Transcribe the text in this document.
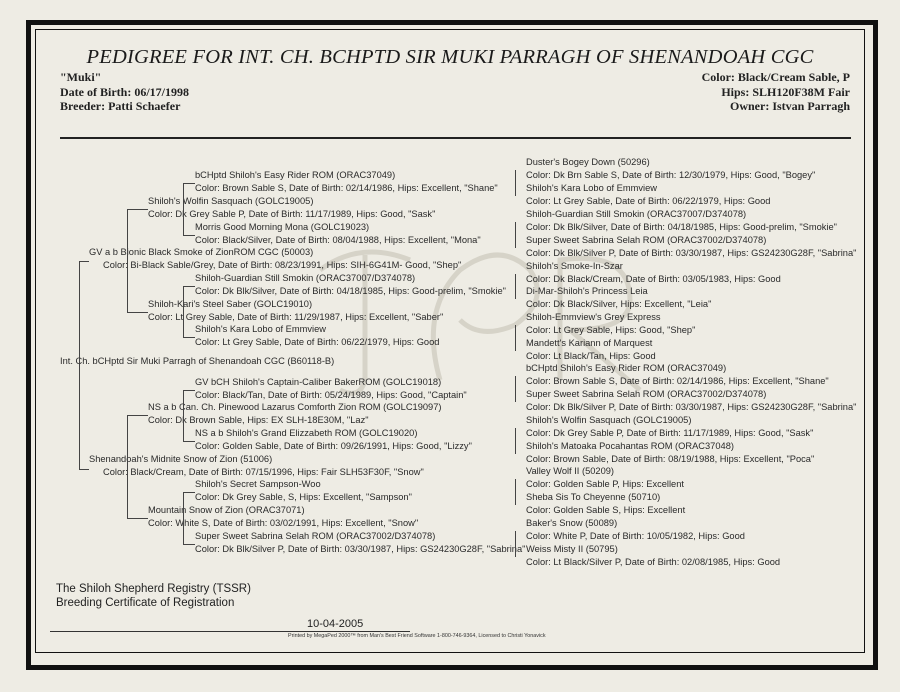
PEDIGREE FOR INT. CH. BCHPTD SIR MUKI PARRAGH OF SHENANDOAH CGC
"Muki"
Date of Birth: 06/17/1998
Breeder: Patti Schaefer
Color: Black/Cream Sable, P
Hips: SLH120F38M Fair
Owner: Istvan Parragh
Int. Ch. bCHptd Sir Muki Parragh of Shenandoah CGC (B60118-B)
GV a b Bionic Black Smoke of ZionROM CGC (50003)
Color: Bi-Black Sable/Grey, Date of Birth: 08/23/1991, Hips: SIH-6G41M- Good, "Shep"
Shenandoah's Midnite Snow of Zion (51006)
Color: Black/Cream, Date of Birth: 07/15/1996, Hips: Fair SLH53F30F, "Snow"
Shiloh's Wolfin Sasquach (GOLC19005)
Color: Dk Grey Sable P, Date of Birth: 11/17/1989, Hips: Good, "Sask"
Shiloh-Kari's Steel Saber (GOLC19010)
Color: Lt Grey Sable, Date of Birth: 11/29/1987, Hips: Excellent, "Saber"
NS a b Can. Ch. Pinewood Lazarus Comforth Zion ROM (GOLC19097)
Color: Dk Brown Sable, Hips: EX SLH-18E30M, "Laz"
Mountain Snow of Zion (ORAC37071)
Color: White S, Date of Birth: 03/02/1991, Hips: Excellent, "Snow"
bCHptd Shiloh's Easy Rider ROM (ORAC37049)
Color: Brown Sable S, Date of Birth: 02/14/1986, Hips: Excellent, "Shane"
Morris Good Morning Mona (GOLC19023)
Color: Black/Silver, Date of Birth: 08/04/1988, Hips: Excellent, "Mona"
Shiloh-Guardian Still Smokin (ORAC37007/D374078)
Color: Dk Blk/Silver, Date of Birth: 04/18/1985, Hips: Good-prelim, "Smokie"
Shiloh's Kara Lobo of Emmview
Color: Lt Grey Sable, Date of Birth: 06/22/1979, Hips: Good
GV bCH Shiloh's Captain-Caliber BakerROM (GOLC19018)
Color: Black/Tan, Date of Birth: 05/24/1989, Hips: Good, "Captain"
NS a b Shiloh's Grand Elizzabeth ROM (GOLC19020)
Color: Golden Sable, Date of Birth: 09/26/1991, Hips: Good, "Lizzy"
Shiloh's Secret Sampson-Woo
Color: Dk Grey Sable, S, Hips: Excellent, "Sampson"
Super Sweet Sabrina Selah ROM (ORAC37002/D374078)
Color: Dk Blk/Silver P, Date of Birth: 03/30/1987, Hips: GS24230G28F, "Sabrina"
Duster's Bogey Down (50296)
Color: Dk Brn Sable S, Date of Birth: 12/30/1979, Hips: Good, "Bogey"
Shiloh's Kara Lobo of Emmview
Color: Lt Grey Sable, Date of Birth: 06/22/1979, Hips: Good
Shiloh-Guardian Still Smokin (ORAC37007/D374078)
Color: Dk Blk/Silver, Date of Birth: 04/18/1985, Hips: Good-prelim, "Smokie"
Super Sweet Sabrina Selah ROM (ORAC37002/D374078)
Color: Dk Blk/Silver P, Date of Birth: 03/30/1987, Hips: GS24230G28F, "Sabrina"
Shiloh's Smoke-In-Szar
Color: Dk Black/Cream, Date of Birth: 03/05/1983, Hips: Good
Di-Mar-Shiloh's Princess Leia
Color: Dk Black/Silver, Hips: Excellent, "Leia"
Shiloh-Emmview's Grey Express
Color: Lt Grey Sable, Hips: Good, "Shep"
Mandett's Kariann of Marquest
Color: Lt Black/Tan, Hips: Good
bCHptd Shiloh's Easy Rider ROM (ORAC37049)
Color: Brown Sable S, Date of Birth: 02/14/1986, Hips: Excellent, "Shane"
Super Sweet Sabrina Selah ROM (ORAC37002/D374078)
Color: Dk Blk/Silver P, Date of Birth: 03/30/1987, Hips: GS24230G28F, "Sabrina"
Shiloh's Wolfin Sasquach (GOLC19005)
Color: Dk Grey Sable P, Date of Birth: 11/17/1989, Hips: Good, "Sask"
Shiloh's Matoaka Pocahantas ROM (ORAC37048)
Color: Brown Sable, Date of Birth: 08/19/1988, Hips: Excellent, "Poca"
Valley Wolf II (50209)
Color: Golden Sable P, Hips: Excellent
Sheba Sis To Cheyenne (50710)
Color: Golden Sable S, Hips: Excellent
Baker's Snow (50089)
Color: White P, Date of Birth: 10/05/1982, Hips: Good
Weiss Misty II (50795)
Color: Lt Black/Silver P, Date of Birth: 02/08/1985, Hips: Good
The Shiloh Shepherd Registry (TSSR)
Breeding Certificate of Registration
10-04-2005
Printed by MegaPed 2000™ from Man's Best Friend Software 1-800-746-9364, Licensed to Christi Yonavick
